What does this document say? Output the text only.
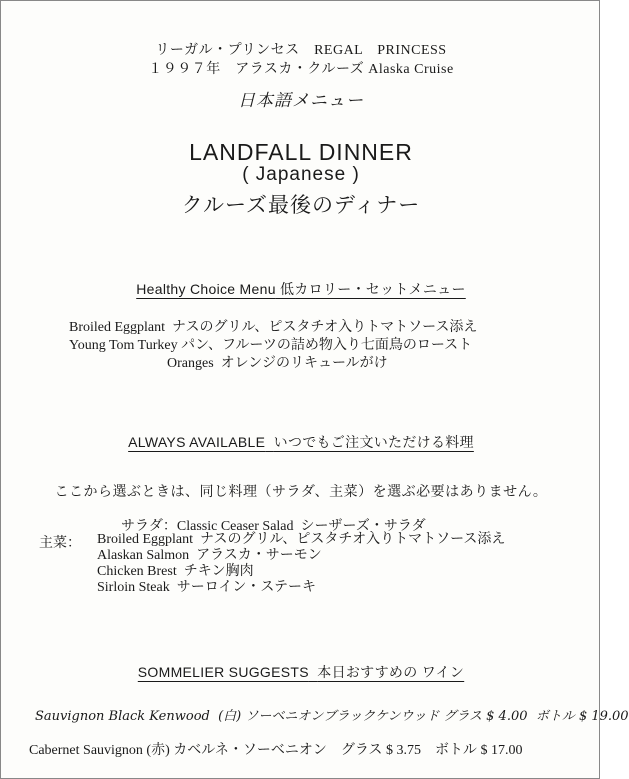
リーガル・プリンセス　REGAL　PRINCESS
１９９７年　アラスカ・クルーズ Alaska Cruise
日本語メニュー
LANDFALL DINNER
( Japanese )
クルーズ最後のディナー
Healthy Choice Menu 低カロリー・セットメニュー
Broiled Eggplant ナスのグリル、ピスタチオ入りトマトソース添え
Young Tom Turkey パン、フルーツの詰め物入り七面鳥のロースト
Oranges オレンジのリキュールがけ
ALWAYS AVAILABLE いつでもご注文いただける料理
ここから選ぶときは、同じ料理（サラダ、主菜）を選ぶ必要はありません。
サラダ：Classic Ceaser Salad シーザーズ・サラダ
主菜： Broiled Eggplant ナスのグリル、ピスタチオ入りトマトソース添え
Alaskan Salmon アラスカ・サーモン
Chicken Brest チキン胸肉
Sirloin Steak サーロイン・ステーキ
SOMMELIER SUGGESTS 本日おすすめの ワイン
Sauvignon Black Kenwood (白) ソーベニオンブラックケンウッド グラス $ 4.00 ボトル $ 19.00
Cabernet Sauvignon (赤) カベルネ・ソーベニオン グラス $ 3.75 ボトル $ 17.00
